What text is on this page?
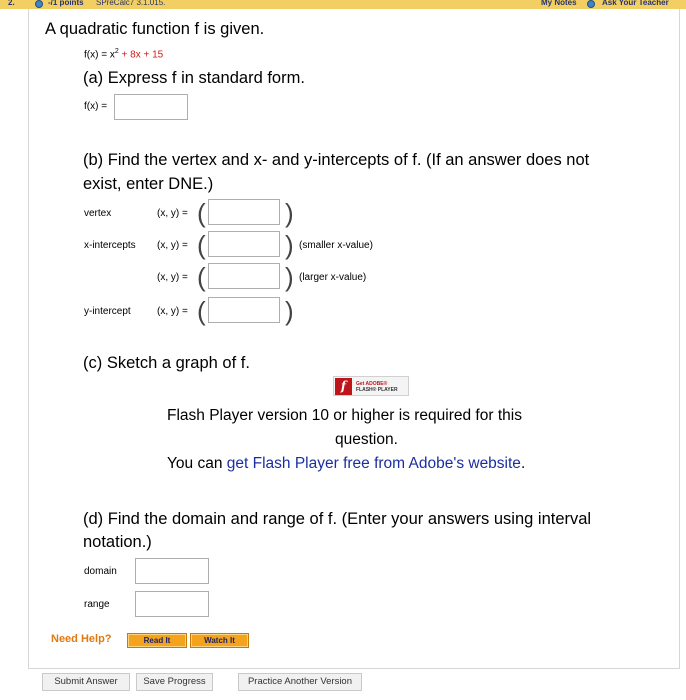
2.	-/1 points SPreCalc7 3.1.015.	My Notes	Ask Your Teacher
A quadratic function f is given.
$f(x) = x^2 + 8x + 15$
(a) Express f in standard form.
f(x) =
(b) Find the vertex and x- and y-intercepts of f. (If an answer does not
exist, enter DNE.)
vertex	(x, y) = (	)
x-intercepts (x, y) = (	) (smaller x-value)
(x, y) = (	) (larger x-value)
y-intercept	(x, y) = (	)
(c) Sketch a graph of f.
f	Get ADOBE®
FLASH® PLAYER
Flash Player version 10 or higher is required for this
question.
You can get Flash Player free from Adobe's website.
(d) Find the domain and range of f. (Enter your answers using interval
notation.)
domain
range
Need Help?	Read It	Watch It
Submit Answer	Save Progress	Practice Another Version
